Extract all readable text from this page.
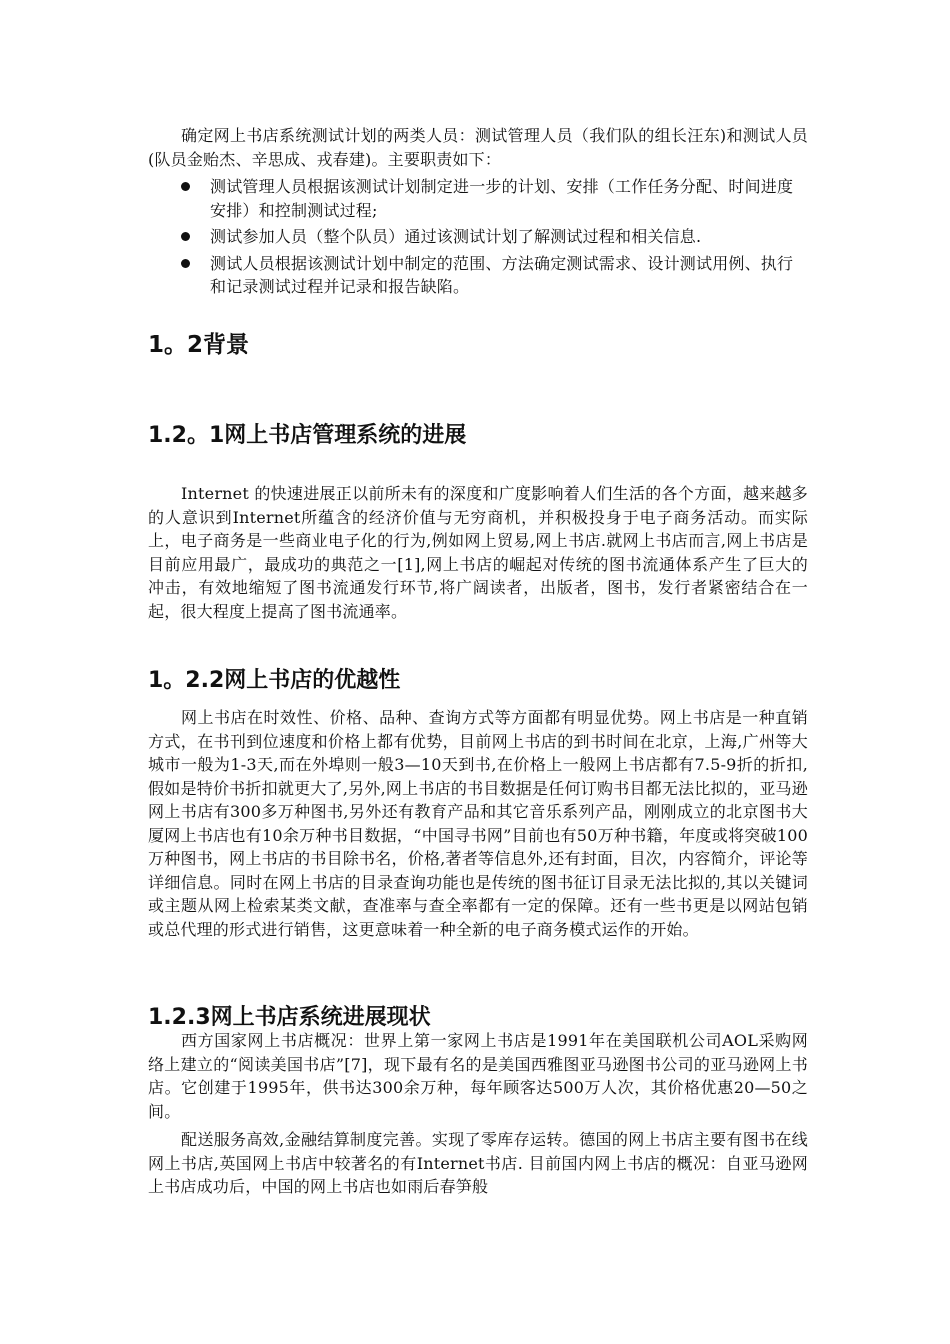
确定网上书店系统测试计划的两类人员：测试管理人员（我们队的组长汪东)和测试人员(队员金贻杰、辛思成、戎春建)。主要职责如下：

测试管理人员根据该测试计划制定进一步的计划、安排（工作任务分配、时间进度安排）和控制测试过程;
测试参加人员（整个队员）通过该测试计划了解测试过程和相关信息.
测试人员根据该测试计划中制定的范围、方法确定测试需求、设计测试用例、执行和记录测试过程并记录和报告缺陷。
1。2背景
1.2。1网上书店管理系统的进展

Internet 的快速进展正以前所未有的深度和广度影响着人们生活的各个方面，越来越多的人意识到Internet所蕴含的经济价值与无穷商机，并积极投身于电子商务活动。而实际上，电子商务是一些商业电子化的行为,例如网上贸易,网上书店.就网上书店而言,网上书店是目前应用最广，最成功的典范之一[1],网上书店的崛起对传统的图书流通体系产生了巨大的冲击，有效地缩短了图书流通发行环节,将广阔读者，出版者，图书，发行者紧密结合在一起，很大程度上提高了图书流通率。

1。2.2网上书店的优越性

网上书店在时效性、价格、品种、查询方式等方面都有明显优势。网上书店是一种直销方式，在书刊到位速度和价格上都有优势，目前网上书店的到书时间在北京，上海,广州等大城市一般为1-3天,而在外埠则一般3—10天到书,在价格上一般网上书店都有7.5-9折的折扣,假如是特价书折扣就更大了,另外,网上书店的书目数据是任何订购书目都无法比拟的，亚马逊网上书店有300多万种图书,另外还有教育产品和其它音乐系列产品，刚刚成立的北京图书大厦网上书店也有10余万种书目数据，“中国寻书网”目前也有50万种书籍，年度或将突破100万种图书，网上书店的书目除书名，价格,著者等信息外,还有封面，目次，内容简介，评论等详细信息。同时在网上书店的目录查询功能也是传统的图书征订目录无法比拟的,其以关键词或主题从网上检索某类文献，查准率与查全率都有一定的保障。还有一些书更是以网站包销或总代理的形式进行销售，这更意味着一种全新的电子商务模式运作的开始。

1.2.3网上书店系统进展现状

西方国家网上书店概况：世界上第一家网上书店是1991年在美国联机公司AOL采购网络上建立的“阅读美国书店”[7]，现下最有名的是美国西雅图亚马逊图书公司的亚马逊网上书店。它创建于1995年，供书达300余万种，每年顾客达500万人次，其价格优惠20—50之间。

配送服务高效,金融结算制度完善。实现了零库存运转。德国的网上书店主要有图书在线网上书店,英国网上书店中较著名的有Internet书店. 目前国内网上书店的概况：自亚马逊网上书店成功后，中国的网上书店也如雨后春笋般
